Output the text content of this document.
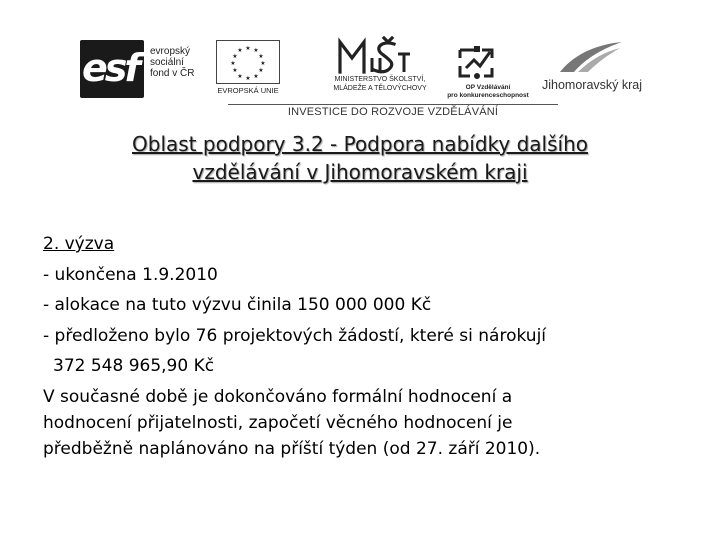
esf evropský
sociální
fond v ČR
★ ★
★
★
★
★
★
★
★
★
★
★
EVROPSKÁ UNIE
MINISTERSTVO ŠKOLSTVÍ,
MLÁDEŽE A TĚLOVÝCHOVY	OP Vzdělávání
pro konkurenceschopnost
Jihomoravský kraj
INVESTICE DO ROZVOJE VZDĚLÁVÁNÍ
Oblast podpory 3.2 - Podpora nabídky dalšího
vzdělávání v Jihomoravském kraji
2. výzva
- ukončena 1.9.2010
- alokace na tuto výzvu činila 150 000 000 Kč
- předloženo bylo 76 projektových žádostí, které si nárokují
372 548 965,90 Kč
V současné době je dokončováno formální hodnocení a
hodnocení přijatelnosti, započetí věcného hodnocení je
předběžně naplánováno na příští týden (od 27. září 2010).
